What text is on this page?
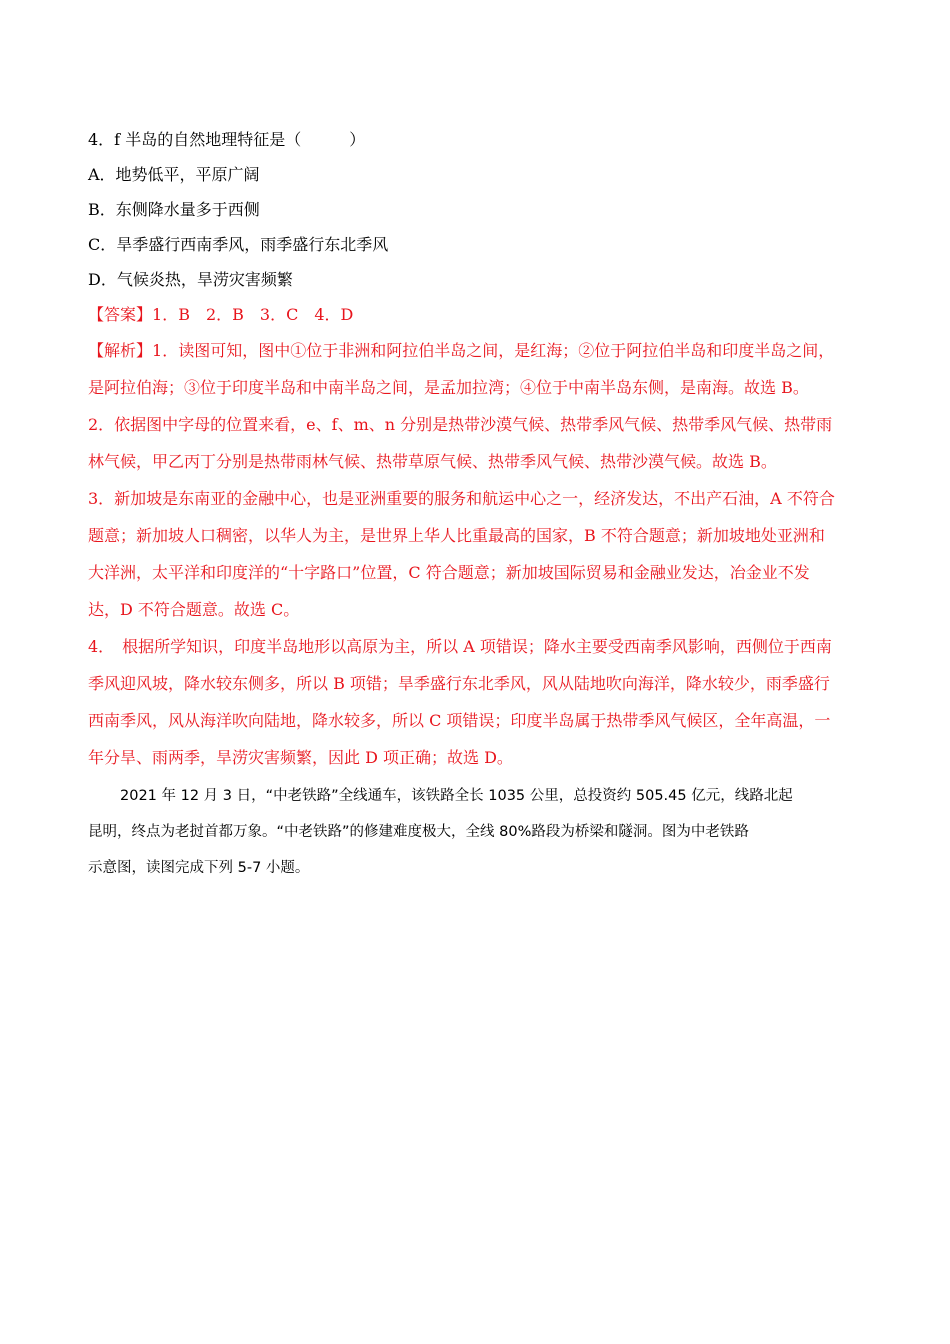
4．f 半岛的自然地理特征是（　　　）
A．地势低平，平原广阔
B．东侧降水量多于西侧
C．旱季盛行西南季风，雨季盛行东北季风
D．气候炎热，旱涝灾害频繁
【答案】1．B　2．B　3．C　4．D
【解析】1．读图可知，图中①位于非洲和阿拉伯半岛之间，是红海；②位于阿拉伯半岛和印度半岛之间，
是阿拉伯海；③位于印度半岛和中南半岛之间，是孟加拉湾；④位于中南半岛东侧，是南海。故选 B。
2．依据图中字母的位置来看，e、f、m、n 分别是热带沙漠气候、热带季风气候、热带季风气候、热带雨
林气候，甲乙丙丁分别是热带雨林气候、热带草原气候、热带季风气候、热带沙漠气候。故选 B。
3．新加坡是东南亚的金融中心，也是亚洲重要的服务和航运中心之一，经济发达，不出产石油，A 不符合
题意；新加坡人口稠密，以华人为主，是世界上华人比重最高的国家，B 不符合题意；新加坡地处亚洲和
大洋洲，太平洋和印度洋的“十字路口”位置，C 符合题意；新加坡国际贸易和金融业发达，冶金业不发
达，D 不符合题意。故选 C。
4．　根据所学知识，印度半岛地形以高原为主，所以 A 项错误；降水主要受西南季风影响，西侧位于西南
季风迎风坡，降水较东侧多，所以 B 项错；旱季盛行东北季风，风从陆地吹向海洋，降水较少，雨季盛行
西南季风，风从海洋吹向陆地，降水较多，所以 C 项错误；印度半岛属于热带季风气候区，全年高温，一
年分旱、雨两季，旱涝灾害频繁，因此 D 项正确；故选 D。
2021 年 12 月 3 日，“中老铁路”全线通车，该铁路全长 1035 公里，总投资约 505.45 亿元，线路北起
昆明，终点为老挝首都万象。“中老铁路”的修建难度极大，全线 80%路段为桥梁和隧洞。图为中老铁路
示意图，读图完成下列 5-7 小题。
